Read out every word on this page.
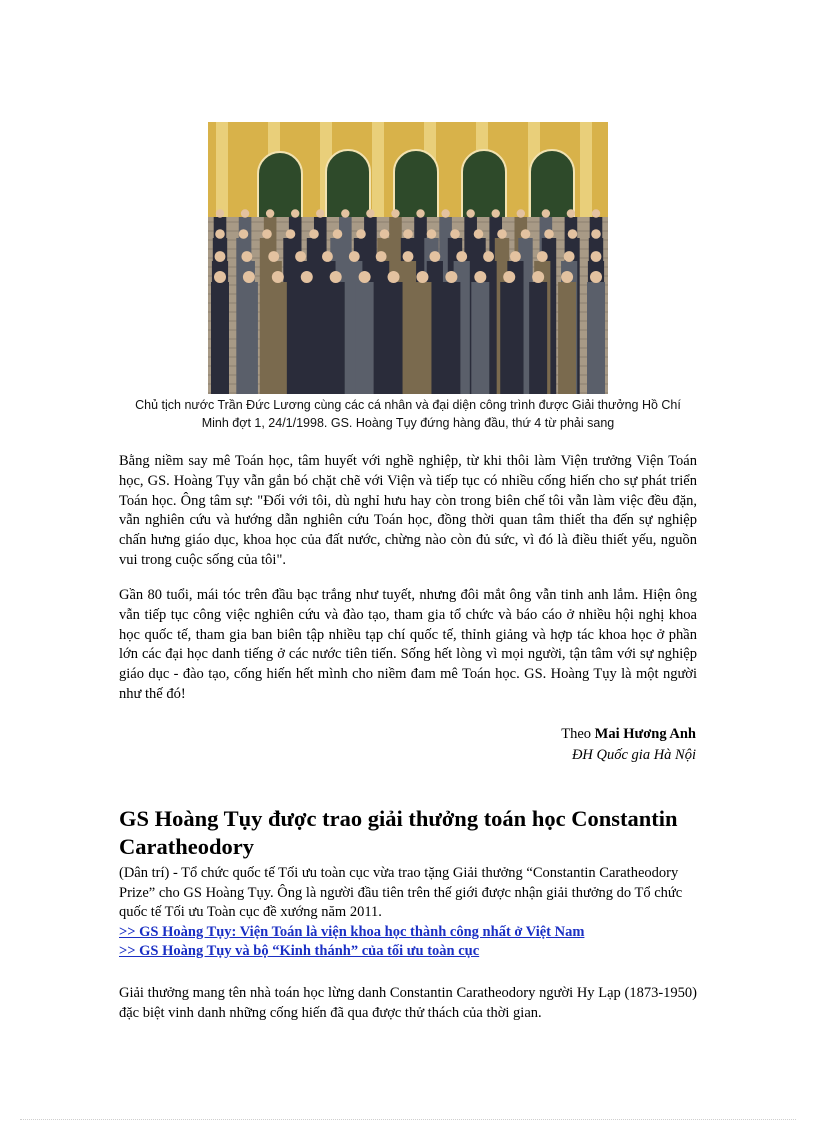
Chủ tịch nước Trần Đức Lương cùng các cá nhân và đại diện công trình được Giải thưởng Hồ Chí
Minh đợt 1, 24/1/1998. GS. Hoàng Tụy đứng hàng đầu, thứ 4 từ phải sang
Bằng niềm say mê Toán học, tâm huyết với nghề nghiệp, từ khi thôi làm Viện trưởng Viện Toán học, GS. Hoàng Tụy vẫn gắn bó chặt chẽ với Viện và tiếp tục có nhiều cống hiến cho sự phát triển Toán học. Ông tâm sự: "Đối với tôi, dù nghỉ hưu hay còn trong biên chế tôi vẫn làm việc đều đặn, vẫn nghiên cứu và hướng dẫn nghiên cứu Toán học, đồng thời quan tâm thiết tha đến sự nghiệp chấn hưng giáo dục, khoa học của đất nước, chừng nào còn đủ sức, vì đó là điều thiết yếu, nguồn vui trong cuộc sống của tôi".
Gần 80 tuổi, mái tóc trên đầu bạc trắng như tuyết, nhưng đôi mắt ông vẫn tinh anh lắm. Hiện ông vẫn tiếp tục công việc nghiên cứu và đào tạo, tham gia tổ chức và báo cáo ở nhiều hội nghị khoa học quốc tế, tham gia ban biên tập nhiều tạp chí quốc tế, thỉnh giảng và hợp tác khoa học ở phần lớn các đại học danh tiếng ở các nước tiên tiến. Sống hết lòng vì mọi người, tận tâm với sự nghiệp giáo dục - đào tạo, cống hiến hết mình cho niềm đam mê Toán học. GS. Hoàng Tụy là một người như thế đó!
Theo Mai Hương Anh
ĐH Quốc gia Hà Nội
GS Hoàng Tụy được trao giải thưởng toán học Constantin Caratheodory
(Dân trí) - Tổ chức quốc tế Tối ưu toàn cục vừa trao tặng Giải thưởng “Constantin Caratheodory Prize” cho GS Hoàng Tụy. Ông là người đầu tiên trên thế giới được nhận giải thưởng do Tổ chức quốc tế Tối ưu Toàn cục đề xướng năm 2011.
>> GS Hoàng Tụy: Viện Toán là viện khoa học thành công nhất ở Việt Nam
>> GS Hoàng Tụy và bộ “Kinh thánh” của tối ưu toàn cục
Giải thưởng mang tên nhà toán học lừng danh Constantin Caratheodory người Hy Lạp (1873-1950) đặc biệt vinh danh những cống hiến đã qua được thử thách của thời gian.
